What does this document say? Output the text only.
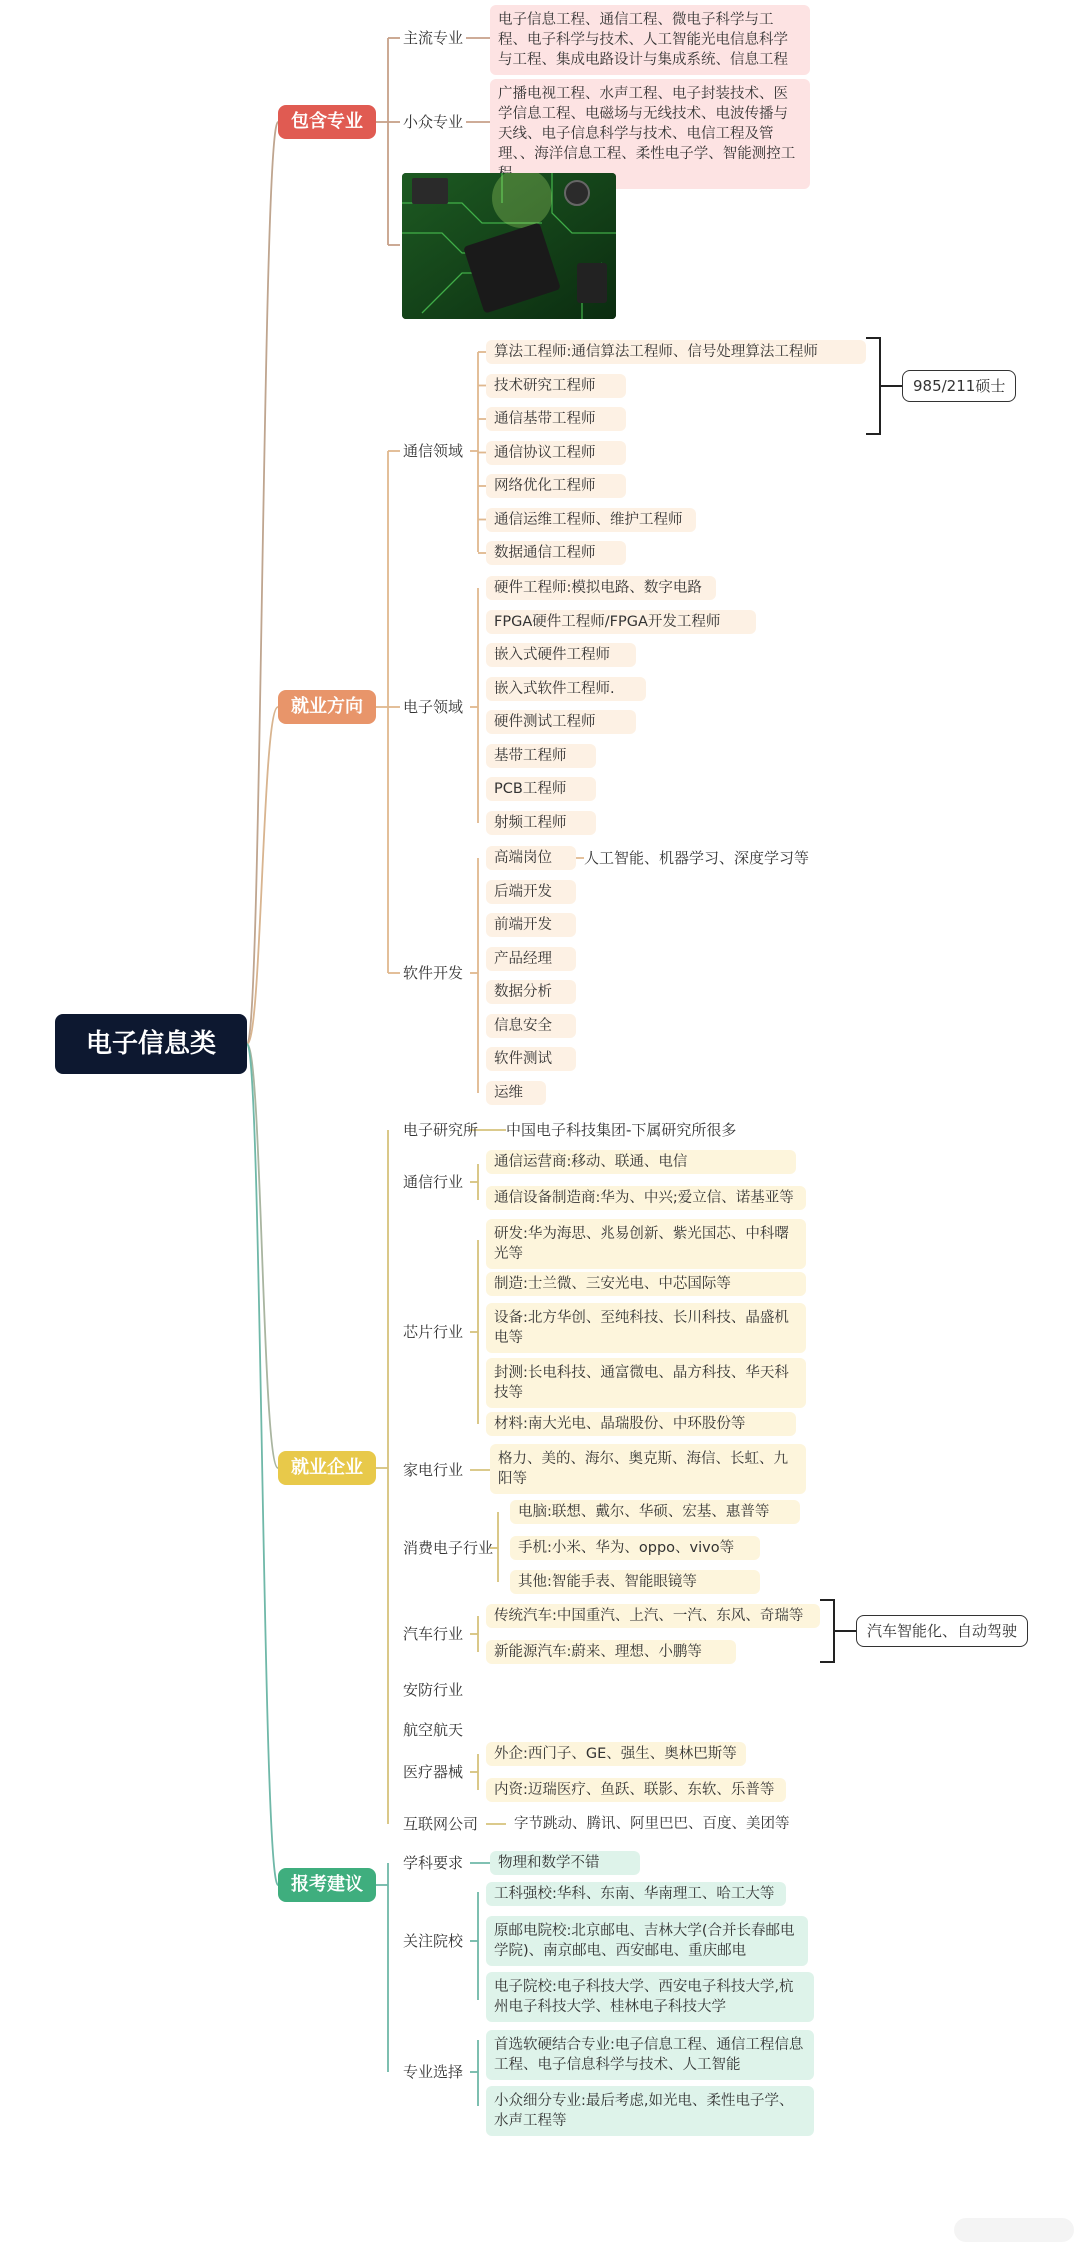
电子信息类
包含专业
就业方向
就业企业
报考建议
主流专业
电子信息工程、通信工程、微电子科学与工程、电子科学与技术、人工智能光电信息科学与工程、集成电路设计与集成系统、信息工程
小众专业
广播电视工程、水声工程、电子封装技术、医学信息工程、电磁场与无线技术、电波传播与天线、电子信息科学与技术、电信工程及管理、、海洋信息工程、柔性电子学、智能测控工
通信领域
电子领域
软件开发
算法工程师:通信算法工程师、信号处理算法工程师
技术研究工程师
通信基带工程师
通信协议工程师
网络优化工程师
通信运维工程师、维护工程师
数据通信工程师
硬件工程师:模拟电路、数字电路
FPGA硬件工程师/FPGA开发工程师
嵌入式硬件工程师
嵌入式软件工程师.
硬件测试工程师
基带工程师
PCB工程师
射频工程师
高端岗位
后端开发
前端开发
产品经理
数据分析
信息安全
软件测试
运维
人工智能、机器学习、深度学习等
985/211硕士
电子研究所 中国电子科技集团-下属研究所很多
通信行业
通信运营商:移动、联通、电信
通信设备制造商:华为、中兴;爱立信、诺基亚等
芯片行业
研发:华为海思、兆易创新、紫光国芯、中科曙光等
制造:士兰微、三安光电、中芯国际等
设备:北方华创、至纯科技、长川科技、晶盛机电等
封测:长电科技、通富微电、晶方科技、华天科技等
材料:南大光电、晶瑞股份、中环股份等
家电行业
格力、美的、海尔、奥克斯、海信、长虹、九阳等
消费电子行业
电脑:联想、戴尔、华硕、宏基、惠普等
手机:小米、华为、oppo、vivo等
其他:智能手表、智能眼镜等
汽车行业
传统汽车:中国重汽、上汽、一汽、东风、奇瑞等
新能源汽车:蔚来、理想、小鹏等
汽车智能化、自动驾驶
安防行业
航空航天
医疗器械
外企:西门子、GE、强生、奥林巴斯等
内资:迈瑞医疗、鱼跃、联影、东软、乐普等
互联网公司	字节跳动、腾讯、阿里巴巴、百度、美团等
学科要求	物理和数学不错
关注院校
工科强校:华科、东南、华南理工、哈工大等
原邮电院校:北京邮电、吉林大学(合并长春邮电学院)、南京邮电、西安邮电、重庆邮电
电子院校:电子科技大学、西安电子科技大学,杭州电子科技大学、桂林电子科技大学
专业选择
首选软硬结合专业:电子信息工程、通信工程信息工程、电子信息科学与技术、人工智能
小众细分专业:最后考虑,如光电、柔性电子学、水声工程等
